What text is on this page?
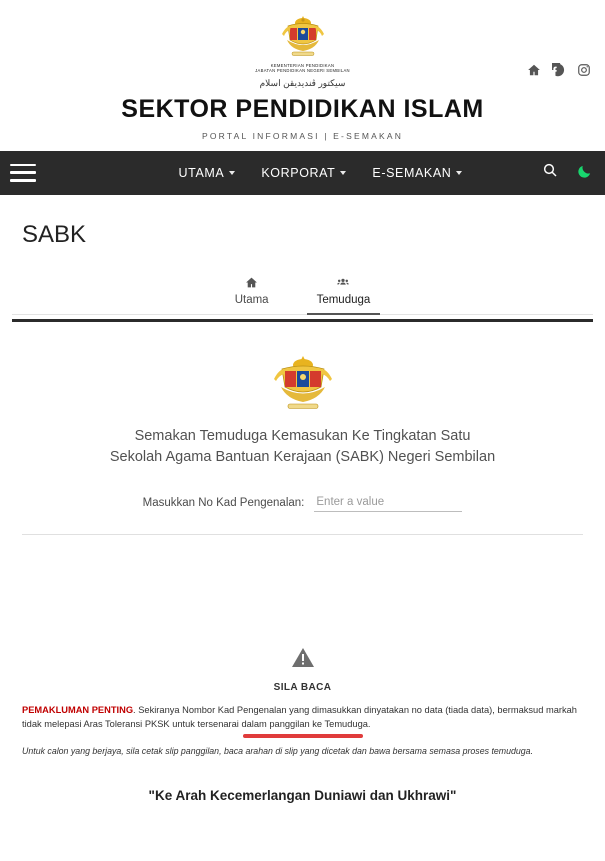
KEMENTERIAN PENDIDIKAN
JABATAN PENDIDIKAN NEGERI SEMBILAN
سيکتور ڤنديديقن اسلام
SEKTOR PENDIDIKAN ISLAM
PORTAL INFORMASI | E-SEMAKAN
UTAMA	KORPORAT	E-SEMAKAN
SABK
Utama	Temuduga
Semakan Temuduga Kemasukan Ke Tingkatan Satu
Sekolah Agama Bantuan Kerajaan (SABK) Negeri Sembilan
Masukkan No Kad Pengenalan:
Enter a value
SILA BACA
PEMAKLUMAN PENTING. Sekiranya Nombor Kad Pengenalan yang dimasukkan dinyatakan no data (tiada data), bermaksud markah tidak melepasi Aras Toleransi PKSK untuk tersenarai dalam panggilan ke Temuduga.
Untuk calon yang berjaya, sila cetak slip panggilan, baca arahan di slip yang dicetak dan bawa bersama semasa proses temuduga.
"Ke Arah Kecemerlangan Duniawi dan Ukhrawi"
